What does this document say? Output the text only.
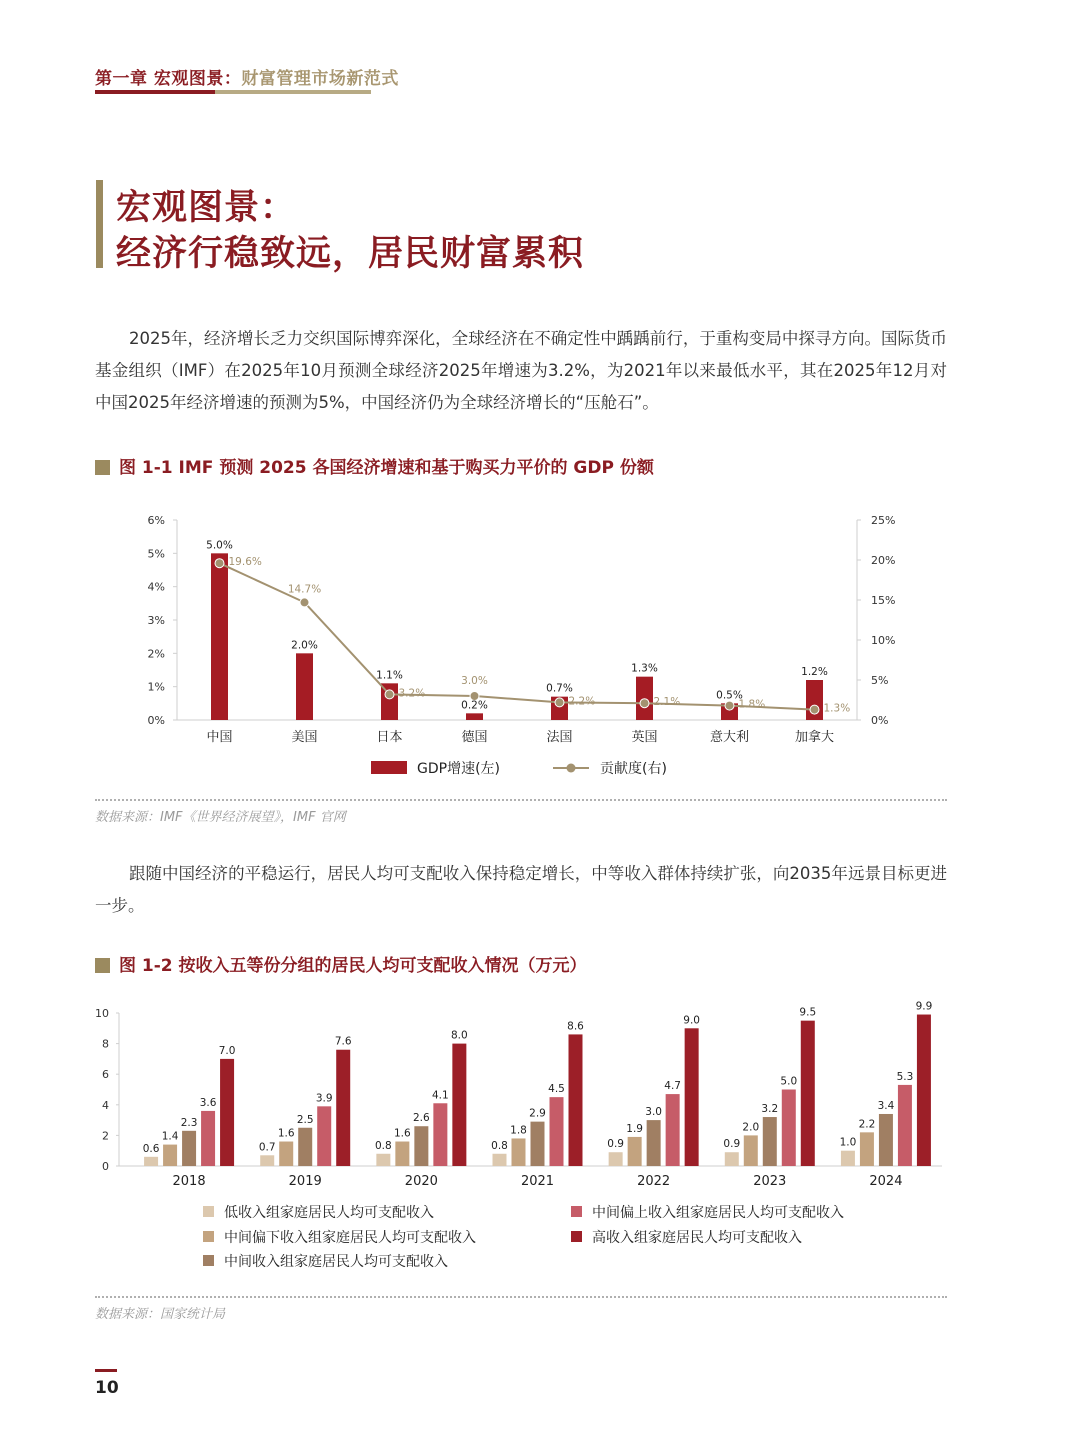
第一章 宏观图景：财富管理市场新范式
宏观图景：
经济行稳致远，居民财富累积

2025年，经济增长乏力交织国际博弈深化，全球经济在不确定性中踽踽前行，于重构变局中探寻方向。国际货币基金组织（IMF）在2025年10月预测全球经济2025年增速为3.2%，为2021年以来最低水平，其在2025年12月对中国2025年经济增速的预测为5%，中国经济仍为全球经济增长的“压舱石”。

图 1-1 IMF 预测 2025 各国经济增速和基于购买力平价的 GDP 份额
0%
1%
2%
3%
4%
5%
6%
0%
5%
10%
15%
20%
25%
中国	美国	日本	德国	法国	英国	意大利	加拿大
5.0%
2.0%
1.1%
0.2%
0.7%
1.3%
0.5%
1.2%
19.6%
14.7%
3.2%
3.0%
2.2%	2.1%	1.8%	1.3%
GDP增速(左)	贡献度(右)
数据来源：IMF《世界经济展望》，IMF 官网

跟随中国经济的平稳运行，居民人均可支配收入保持稳定增长，中等收入群体持续扩张，向2035年远景目标更进一步。

图 1-2 按收入五等份分组的居民人均可支配收入情况（万元）
0
2
4
6
8
10
0.6
1.4
2.3
3.6
7.0
2018
0.7
1.6
2.5
3.9
7.6
2019
0.8
1.6
2.6
4.1
8.0
2020
0.8
1.8
2.9
4.5
8.6
2021
0.9
1.9
3.0
4.7
9.0
2022
0.9
2.0
3.2
5.0
9.5
2023
1.0
2.2
3.4
5.3
9.9
2024
低收入组家庭居民人均可支配收入
中间偏下收入组家庭居民人均可支配收入
中间收入组家庭居民人均可支配收入
中间偏上收入组家庭居民人均可支配收入
高收入组家庭居民人均可支配收入
数据来源：国家统计局
10
